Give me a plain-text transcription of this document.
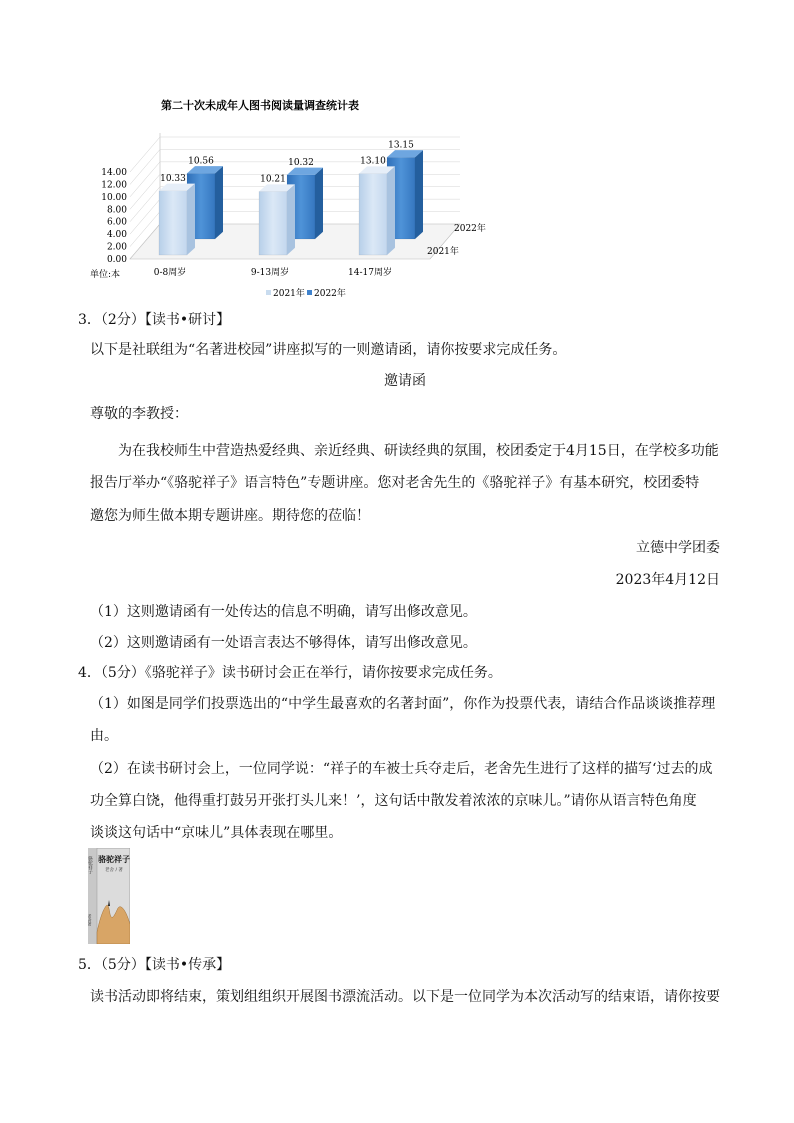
第二十次未成年人图书阅读量调查统计表
0.00
2.00
4.00
6.00
8.00
10.00
12.00
14.00
0-8周岁	9-13周岁	14-17周岁
10.56	10.32
13.15
10.33	10.21
13.10
单位:本
2022年
2021年
2021年 2022年
3．（2分）【读书•研讨】
以下是社联组为“名著进校园”讲座拟写的一则邀请函，请你按要求完成任务。
邀请函
尊敬的李教授：
为在我校师生中营造热爱经典、亲近经典、研读经典的氛围，校团委定于4月15日，在学校多功能
报告厅举办“《骆驼祥子》语言特色”专题讲座。您对老舍先生的《骆驼祥子》有基本研究，校团委特
邀您为师生做本期专题讲座。期待您的莅临！
立德中学团委
2023年4月12日
（1）这则邀请函有一处传达的信息不明确，请写出修改意见。
（2）这则邀请函有一处语言表达不够得体，请写出修改意见。
4．（5分）《骆驼祥子》读书研讨会正在举行，请你按要求完成任务。
（1）如图是同学们投票选出的“中学生最喜欢的名著封面”，你作为投票代表，请结合作品谈谈推荐理
由。
（2）在读书研讨会上，一位同学说：“祥子的车被士兵夺走后，老舍先生进行了这样的描写‘过去的成
功全算白饶，他得重打鼓另开张打头儿来！’，这句话中散发着浓浓的京味儿。”请你从语言特色角度
谈谈这句话中“京味儿”具体表现在哪里。
骆驼祥子
老舍著
骆驼祥子
老舍 / 著
5．（5分）【读书•传承】
读书活动即将结束，策划组组织开展图书漂流活动。以下是一位同学为本次活动写的结束语，请你按要
